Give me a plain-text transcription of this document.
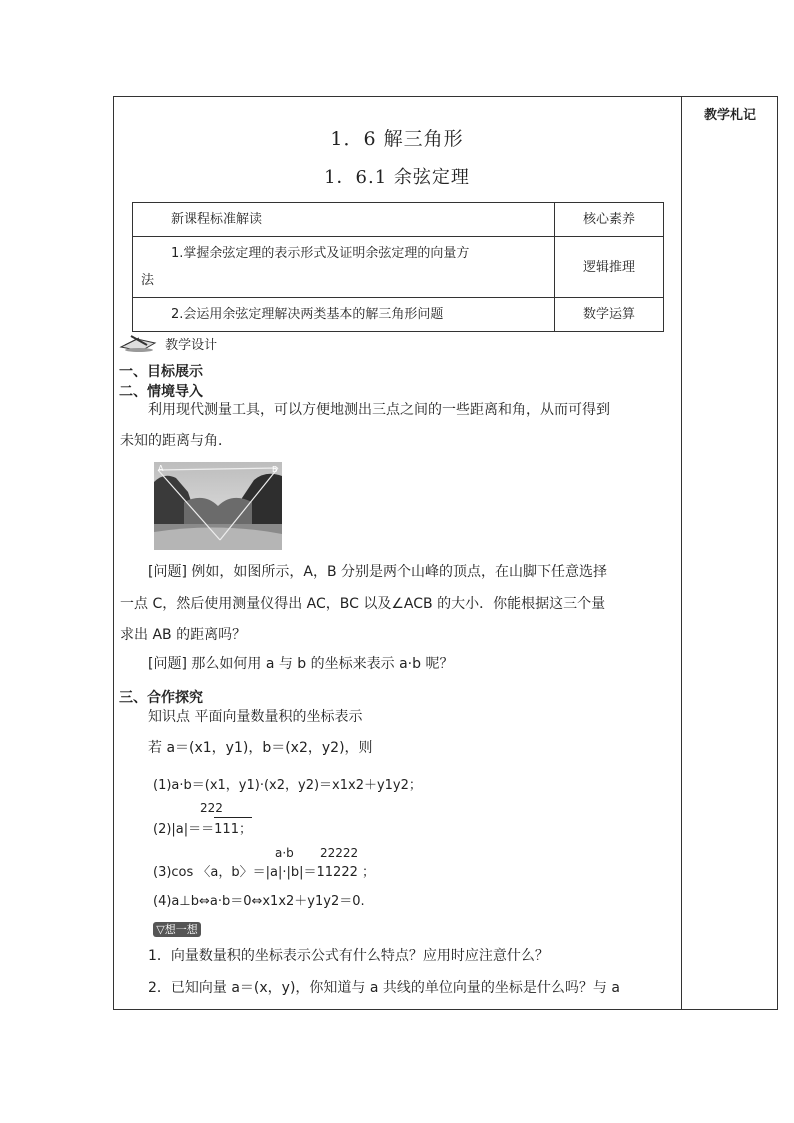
教学札记
1．6 解三角形
1．6.1 余弦定理
新课程标准解读	核心素养

1.掌握余弦定理的表示形式及证明余弦定理的向量方
法	逻辑推理
2.会运用余弦定理解决两类基本的解三角形问题	数学运算
教学设计
一、目标展示
二、情境导入
利用现代测量工具，可以方便地测出三点之间的一些距离和角，从而可得到
未知的距离与角．
A	B
[问题] 例如，如图所示，A，B 分别是两个山峰的顶点，在山脚下任意选择
一点 C，然后使用测量仪得出 AC，BC 以及∠ACB 的大小．你能根据这三个量
求出 AB 的距离吗？
[问题] 那么如何用 a 与 b 的坐标来表示 a·b 呢？
三、合作探究
知识点 平面向量数量积的坐标表示
若 a＝(x1，y1)，b＝(x2，y2)，则
(1)a·b＝(x1，y1)·(x2，y2)＝x1x2＋y1y2；
222
(2)|a|＝＝111；
a·b 22222
(3)cos 〈a，b〉＝|a|·|b|＝11222 ；
(4)a⊥b⇔a·b＝0⇔x1x2＋y1y2＝0.
▽想一想
1．向量数量积的坐标表示公式有什么特点？应用时应注意什么？
2．已知向量 a＝(x，y)，你知道与 a 共线的单位向量的坐标是什么吗？与 a
